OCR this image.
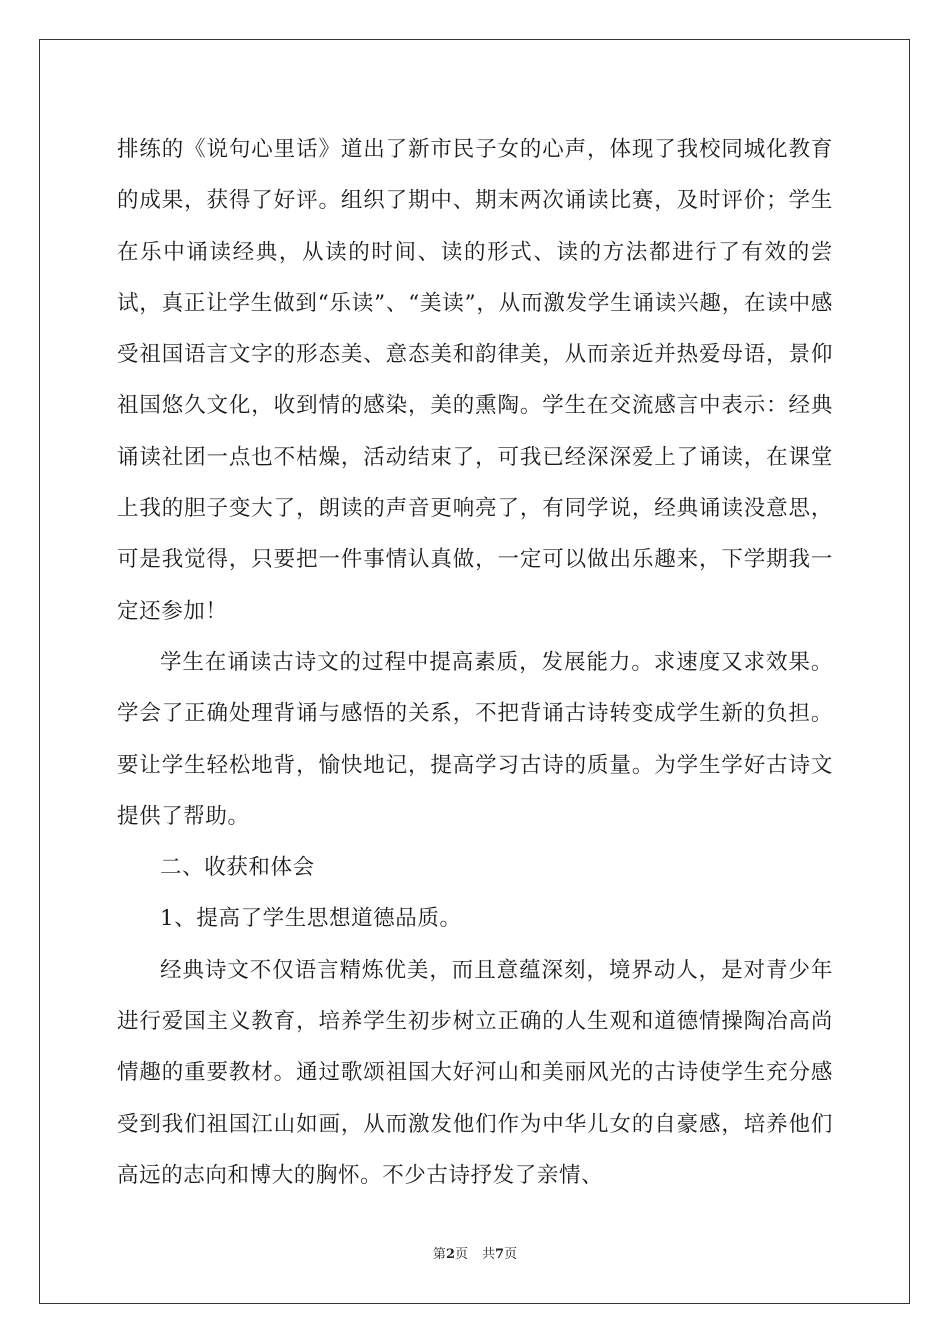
排练的《说句心里话》道出了新市民子女的心声，体现了我校同城化教育的成果，获得了好评。组织了期中、期末两次诵读比赛，及时评价；学生在乐中诵读经典，从读的时间、读的形式、读的方法都进行了有效的尝试，真正让学生做到“乐读”、“美读”，从而激发学生诵读兴趣，在读中感受祖国语言文字的形态美、意态美和韵律美，从而亲近并热爱母语，景仰祖国悠久文化，收到情的感染，美的熏陶。学生在交流感言中表示：经典诵读社团一点也不枯燥，活动结束了，可我已经深深爱上了诵读，在课堂上我的胆子变大了，朗读的声音更响亮了，有同学说，经典诵读没意思，可是我觉得，只要把一件事情认真做，一定可以做出乐趣来，下学期我一定还参加！

学生在诵读古诗文的过程中提高素质，发展能力。求速度又求效果。学会了正确处理背诵与感悟的关系，不把背诵古诗转变成学生新的负担。要让学生轻松地背，愉快地记，提高学习古诗的质量。为学生学好古诗文提供了帮助。

二、收获和体会

1、提高了学生思想道德品质。

经典诗文不仅语言精炼优美，而且意蕴深刻，境界动人，是对青少年进行爱国主义教育，培养学生初步树立正确的人生观和道德情操陶冶高尚情趣的重要教材。通过歌颂祖国大好河山和美丽风光的古诗使学生充分感受到我们祖国江山如画，从而激发他们作为中华儿女的自豪感，培养他们高远的志向和博大的胸怀。不少古诗抒发了亲情、

第2页 共7页
